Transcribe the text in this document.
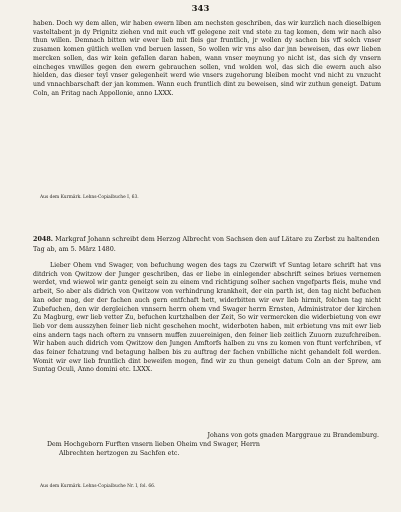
343

haben. Doch wy dem allen, wir haben ewern liben am nechsten geschriben, das wir kurzlich nach dieselbigen vasteltabent jn dy Prignitz ziehen vnd mit euch vff gelegene zeit vnd stete zu tag komen, dem wir nach also thun willen. Demnach bitten wir ewer lieb mit fleis gar fruntlich, jr wollen dy sachen bis vff solch vnser zusamen komen gütlich wellen vnd beruen lassen, So wollen wir vns also dar jnn beweisen, das ewr lieben mercken sollen, das wir kein gefallen daran haben, wann vnser meynung yo nicht ist, das sich dy vnsern eincheges vnwilles gegen den ewern gebrauchen sollen, vnd wolden wol, das sich die ewern auch also hielden, das dieser teyl vnser gelegenheit werd wie vnsers zugehorung bleiben mocht vnd nicht zu vnzucht und vnnachbarschaft der jan kommen. Wann euch fruntlich dint zu beweisen, sind wir zuthun geneigt. Datum Coln, an Fritag nach Appollonie, anno LXXX.

Aus dem Kurmärk. Lehns-Copialbuche I, 63.
2048. Markgraf Johann schreibt dem Herzog Albrecht von Sachsen den auf Lätare zu Zerbst zu haltenden Tag ab, am 5. März 1480.

Lieber Ohem vnd Swager, von befuchung wegen des tags zu Czerwift vf Suntag letare schrift hat vns ditdrich von Qwitzow der Junger geschriben, das er liebe in einlegender abschrift seines briues vernemen werdet, vnd wiewol wir gantz geneigt sein zu einem vnd richtigung solher sachen vngefparts fleis, muhe vnd arbeit, So aber als didrich von Qwitzow von verhindrung krankheit, der ein parth ist, den tag nicht befuchen kan oder mag, der der fachen auch gern entfchaft hett, widerbitten wir ewr lieb hirmit, folchen tag nicht Zubefuchen, den wir dergleichen vnnsern herrn ohem vnd Swager herrn Ernsten, Administrator der kirchen Zu Magburg, ewr lieb vetter Zu, befuchen kurtzhalben der Zeit, So wir vermercken die widerbietung von ewr lieb vor dem ausszyhen feiner lieb nicht geschehen mocht, widerboten haben, mit erbietung vns mit ewr lieb eins andern tags nach oftern zu vnnsern muffen zuuereinigen, den feiner lieb zeitlich Zuuorn zuzufchreiben. Wir haben auch didrich vom Qwitzow den Jungen Amftorfs halben zu vns zu komen von ftunt verfchriben, vf das feiner fchatzung vnd betagung halben bis zu auftrag der fachen vnbilliche nicht gehandelt foll werden. Womit wir ewr lieb fruntlich dint beweifen mogen, find wir zu thun geneigt datum Coln an der Sprew, am Suntag Oculi, Anno domini etc. LXXX.

Johans von gots gnaden Marggraue zu Brandemburg.
Dem Hochgeborn Furften vnsern lieben Oheim vnd Swager, Herrn
Albrechten hertzogen zu Sachfen etc.
Aus dem Kurmärk. Lehns-Copialbuche Nr. I, fol. 66.
